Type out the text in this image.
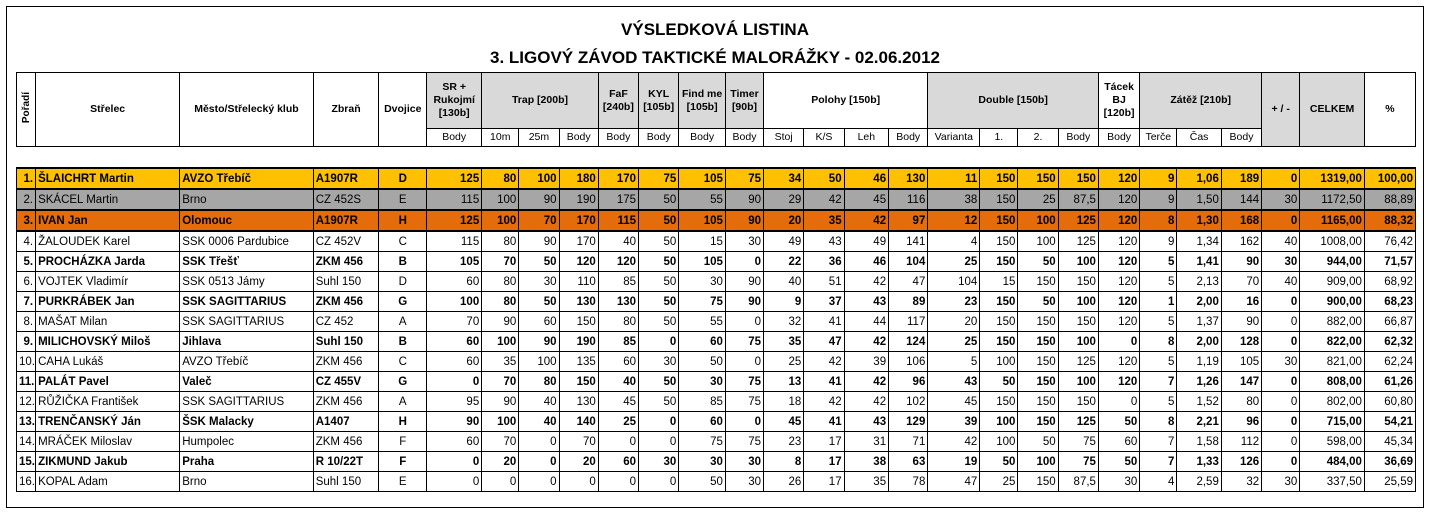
VÝSLEDKOVÁ LISTINA
3. LIGOVÝ ZÁVOD TAKTICKÉ MALORÁŽKY - 02.06.2012
Pořadí	Střelec	Město/Střelecký klub	Zbraň	Dvojice	SR + Rukojmí [130b]	Trap [200b]			FaF [240b]	KYL [105b]	Find me [105b]	Timer [90b]	Polohy [150b]				Double [150b]				Tácek BJ [120b]	Zátěž [210b]			+ / -	CELKEM	%
					Body	10m	25m	Body	Body	Body	Body	Body	Stoj	K/S	Leh	Body	Varianta	1.	2.	Body	Body	Terče	Čas	Body			

1.	ŠLAICHRT Martin	AVZO Třebíč	A1907R	D	125	80	100	180	170	75	105	75	34	50	46	130	11	150	150	150	120	9	1,06	189	0	1319,00	100,00
2.	SKÁCEL Martin	Brno	CZ 452S	E	115	100	90	190	175	50	55	90	29	42	45	116	38	150	25	87,5	120	9	1,50	144	30	1172,50	88,89
3.	IVAN Jan	Olomouc	A1907R	H	125	100	70	170	115	50	105	90	20	35	42	97	12	150	100	125	120	8	1,30	168	0	1165,00	88,32
4.	ŽALOUDEK Karel	SSK 0006 Pardubice	CZ 452V	C	115	80	90	170	40	50	15	30	49	43	49	141	4	150	100	125	120	9	1,34	162	40	1008,00	76,42
5.	PROCHÁZKA Jarda	SSK Třešť	ZKM 456	B	105	70	50	120	120	50	105	0	22	36	46	104	25	150	50	100	120	5	1,41	90	30	944,00	71,57
6.	VOJTEK Vladimír	SSK 0513 Jámy	Suhl 150	D	60	80	30	110	85	50	30	90	40	51	42	47	104	15	150	150	120	5	2,13	70	40	909,00	68,92
7.	PURKRÁBEK Jan	SSK SAGITTARIUS	ZKM 456	G	100	80	50	130	130	50	75	90	9	37	43	89	23	150	50	100	120	1	2,00	16	0	900,00	68,23
8.	MAŠAT Milan	SSK SAGITTARIUS	CZ 452	A	70	90	60	150	80	50	55	0	32	41	44	117	20	150	150	150	120	5	1,37	90	0	882,00	66,87
9.	MILICHOVSKÝ Miloš	Jihlava	Suhl 150	B	60	100	90	190	85	0	60	75	35	47	42	124	25	150	150	100	0	8	2,00	128	0	822,00	62,32
10.	CAHA Lukáš	AVZO Třebíč	ZKM 456	C	60	35	100	135	60	30	50	0	25	42	39	106	5	100	150	125	120	5	1,19	105	30	821,00	62,24
11.	PALÁT Pavel	Valeč	CZ 455V	G	0	70	80	150	40	50	30	75	13	41	42	96	43	50	150	100	120	7	1,26	147	0	808,00	61,26
12.	RŮŽIČKA František	SSK SAGITTARIUS	ZKM 456	A	95	90	40	130	45	50	85	75	18	42	42	102	45	150	150	150	0	5	1,52	80	0	802,00	60,80
13.	TRENČANSKÝ Ján	ŠSK Malacky	A1407	H	90	100	40	140	25	0	60	0	45	41	43	129	39	100	150	125	50	8	2,21	96	0	715,00	54,21
14.	MRÁČEK Miloslav	Humpolec	ZKM 456	F	60	70	0	70	0	0	75	75	23	17	31	71	42	100	50	75	60	7	1,58	112	0	598,00	45,34
15.	ZIKMUND Jakub	Praha	R 10/22T	F	0	20	0	20	60	30	30	30	8	17	38	63	19	50	100	75	50	7	1,33	126	0	484,00	36,69
16.	KOPAL Adam	Brno	Suhl 150	E	0	0	0	0	0	0	50	30	26	17	35	78	47	25	150	87,5	30	4	2,59	32	30	337,50	25,59
